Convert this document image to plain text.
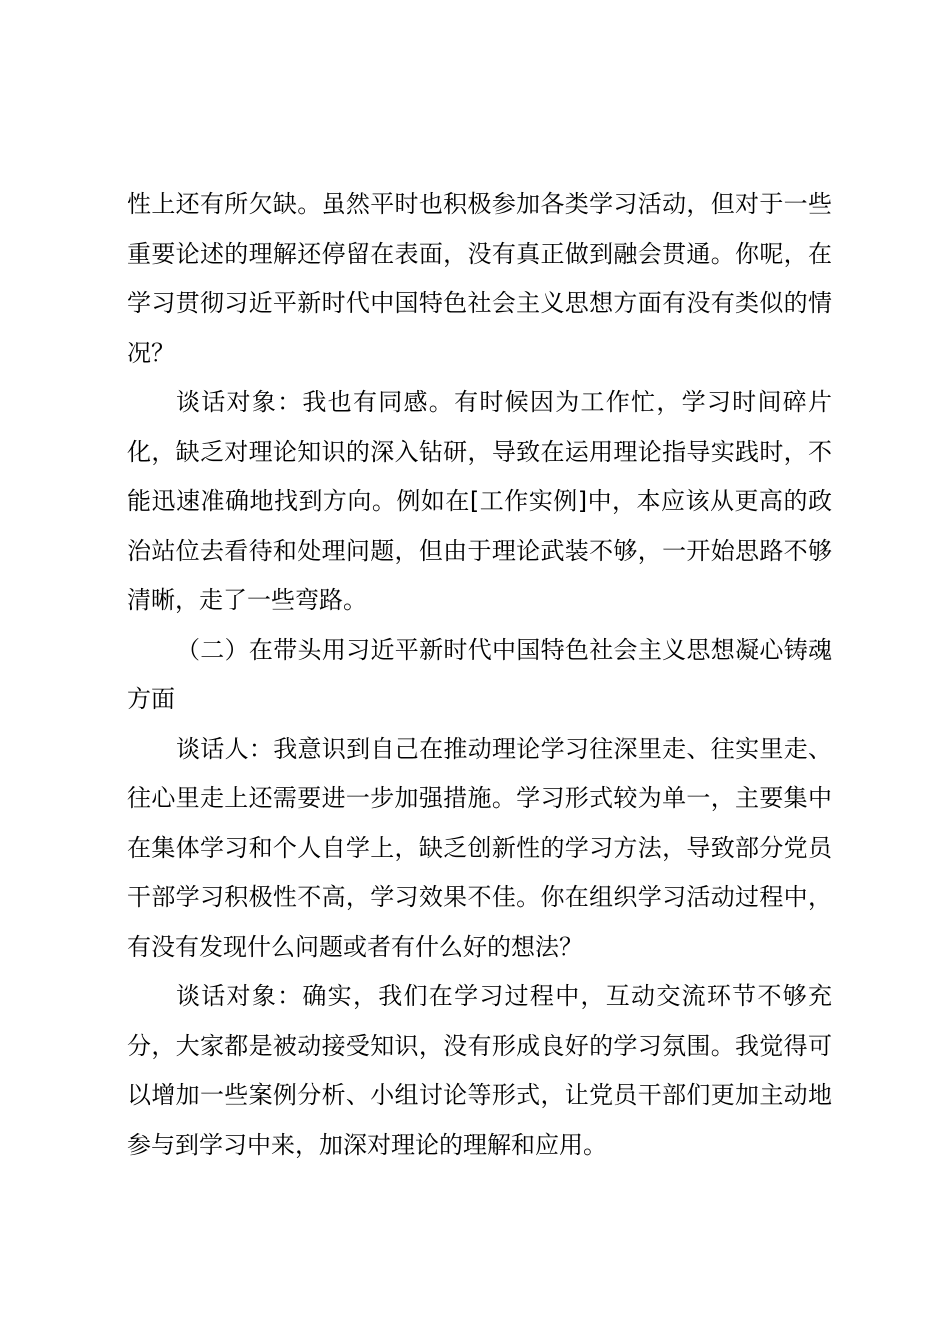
性上还有所欠缺。虽然平时也积极参加各类学习活动，但对于一些重要论述的理解还停留在表面，没有真正做到融会贯通。你呢，在学习贯彻习近平新时代中国特色社会主义思想方面有没有类似的情况？

谈话对象：我也有同感。有时候因为工作忙，学习时间碎片化，缺乏对理论知识的深入钻研，导致在运用理论指导实践时，不能迅速准确地找到方向。例如在[工作实例]中，本应该从更高的政治站位去看待和处理问题，但由于理论武装不够，一开始思路不够清晰，走了一些弯路。

（二）在带头用习近平新时代中国特色社会主义思想凝心铸魂方面

谈话人：我意识到自己在推动理论学习往深里走、往实里走、往心里走上还需要进一步加强措施。学习形式较为单一，主要集中在集体学习和个人自学上，缺乏创新性的学习方法，导致部分党员干部学习积极性不高，学习效果不佳。你在组织学习活动过程中，有没有发现什么问题或者有什么好的想法？

谈话对象：确实，我们在学习过程中，互动交流环节不够充分，大家都是被动接受知识，没有形成良好的学习氛围。我觉得可以增加一些案例分析、小组讨论等形式，让党员干部们更加主动地参与到学习中来，加深对理论的理解和应用。
